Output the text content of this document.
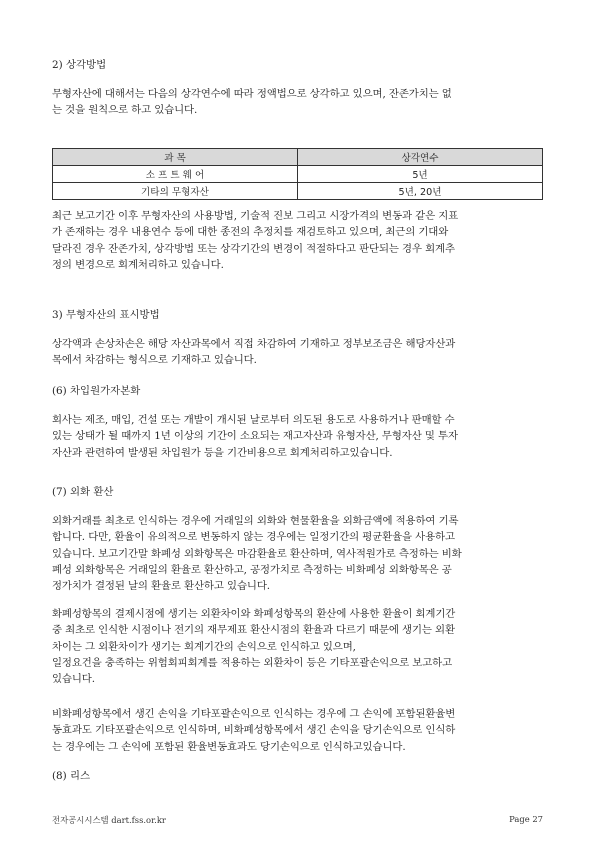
2) 상각방법

무형자산에 대해서는 다음의 상각연수에 따라 정액법으로 상각하고 있으며, 잔존가치는 없
는 것을 원칙으로 하고 있습니다.

과 목	상각연수
소 프 트 웨 어	5년
기타의 무형자산	5년, 20년

최근 보고기간 이후 무형자산의 사용방법, 기술적 진보 그리고 시장가격의 변동과 같은 지표
가 존재하는 경우 내용연수 등에 대한 종전의 추정치를 재검토하고 있으며, 최근의 기대와
달라진 경우 잔존가치, 상각방법 또는 상각기간의 변경이 적절하다고 판단되는 경우 회계추
정의 변경으로 회계처리하고 있습니다.

3) 무형자산의 표시방법

상각액과 손상차손은 해당 자산과목에서 직접 차감하여 기재하고 정부보조금은 해당자산과
목에서 차감하는 형식으로 기재하고 있습니다.

(6) 차입원가자본화

회사는 제조, 매입, 건설 또는 개발이 개시된 날로부터 의도된 용도로 사용하거나 판매할 수
있는 상태가 될 때까지 1년 이상의 기간이 소요되는 재고자산과 유형자산, 무형자산 및 투자
자산과 관련하여 발생된 차입원가 등을 기간비용으로 회계처리하고있습니다.

(7) 외화 환산

외화거래를 최초로 인식하는 경우에 거래일의 외화와 현물환율을 외화금액에 적용하여 기록
합니다. 다만, 환율이 유의적으로 변동하지 않는 경우에는 일정기간의 평균환율을 사용하고
있습니다. 보고기간말 화폐성 외화항목은 마감환율로 환산하며, 역사적원가로 측정하는 비화
폐성 외화항목은 거래일의 환율로 환산하고, 공정가치로 측정하는 비화폐성 외화항목은 공
정가치가 결정된 날의 환율로 환산하고 있습니다.

화폐성항목의 결제시점에 생기는 외환차이와 화폐성항목의 환산에 사용한 환율이 회계기간
중 최초로 인식한 시점이나 전기의 재무제표 환산시점의 환율과 다르기 때문에 생기는 외환
차이는 그 외환차이가 생기는 회계기간의 손익으로 인식하고 있으며,
일정요건을 충족하는 위험회피회계를 적용하는 외환차이 등은 기타포괄손익으로 보고하고
있습니다.

비화폐성항목에서 생긴 손익을 기타포괄손익으로 인식하는 경우에 그 손익에 포함된환율변
동효과도 기타포괄손익으로 인식하며, 비화폐성항목에서 생긴 손익을 당기손익으로 인식하
는 경우에는 그 손익에 포함된 환율변동효과도 당기손익으로 인식하고있습니다.

(8) 리스
전자공시시스템 dart.fss.or.kr	Page 27
